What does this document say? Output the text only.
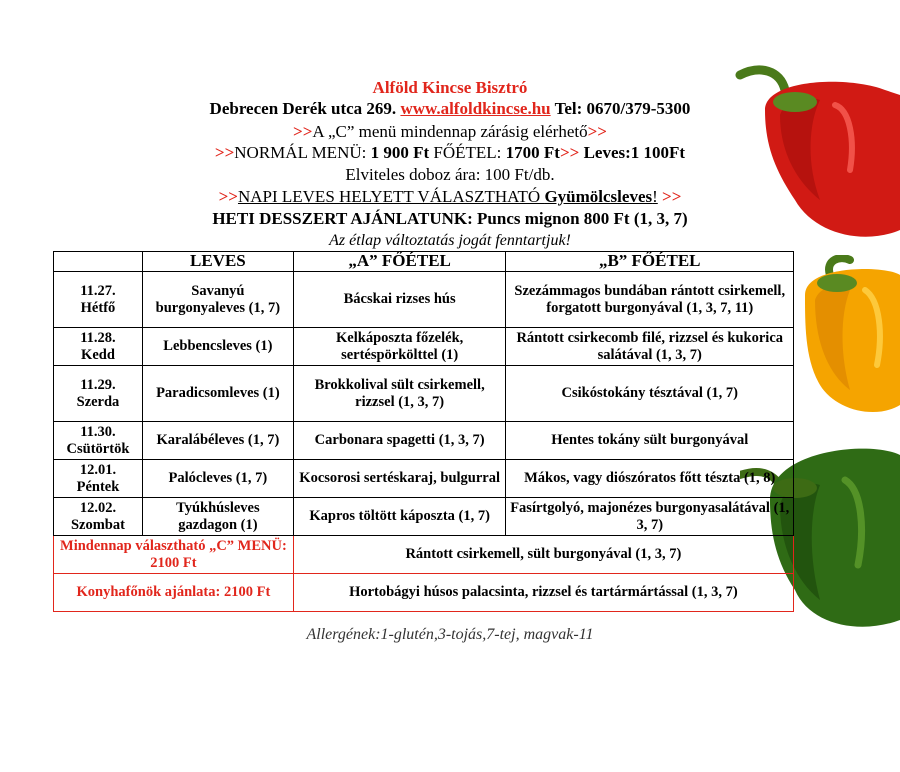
Alföld Kincse Bisztró
Debrecen Derék utca 269. www.alfoldkincse.hu Tel: 0670/379-5300
>>A „C” menü mindennap zárásig elérhető>>
>>NORMÁL MENÜ: 1 900 Ft FŐÉTEL: 1700 Ft>> Leves:1 100Ft
Elviteles doboz ára: 100 Ft/db.
>>NAPI LEVES HELYETT VÁLASZTHATÓ Gyümölcsleves! >>
HETI DESSZERT AJÁNLATUNK: Puncs mignon 800 Ft (1, 3, 7)
Az étlap változtatás jogát fenntartjuk!
	LEVES	„A” FŐÉTEL	„B” FŐÉTEL
11.27.
Hétfő	Savanyú burgonyaleves (1, 7)	Bácskai rizses hús	Szezámmagos bundában rántott csirkemell, forgatott burgonyával (1, 3, 7, 11)
11.28.
Kedd	Lebbencsleves (1)	Kelkáposzta főzelék, sertéspörkölttel (1)	Rántott csirkecomb filé, rizzsel és kukorica salátával (1, 3, 7)
11.29.
Szerda	Paradicsomleves (1)	Brokkolival sült csirkemell, rizzsel (1, 3, 7)	Csikóstokány tésztával (1, 7)
11.30.
Csütörtök	Karalábéleves (1, 7)	Carbonara spagetti (1, 3, 7)	Hentes tokány sült burgonyával
12.01.
Péntek	Palócleves (1, 7)	Kocsorosi sertéskaraj, bulgurral	Mákos, vagy diószóratos főtt tészta (1, 8)
12.02.
Szombat	Tyúkhúsleves gazdagon (1)	Kapros töltött káposzta (1, 7)	Fasírtgolyó, majonézes burgonyasalátával (1, 3, 7)
Mindennap választható „C” MENÜ: 2100 Ft		Rántott csirkemell, sült burgonyával (1, 3, 7)	
Konyhafőnök ajánlata: 2100 Ft		Hortobágyi húsos palacsinta, rizzsel és tartármártással (1, 3, 7)	
Allergének:1-glutén,3-tojás,7-tej, magvak-11
